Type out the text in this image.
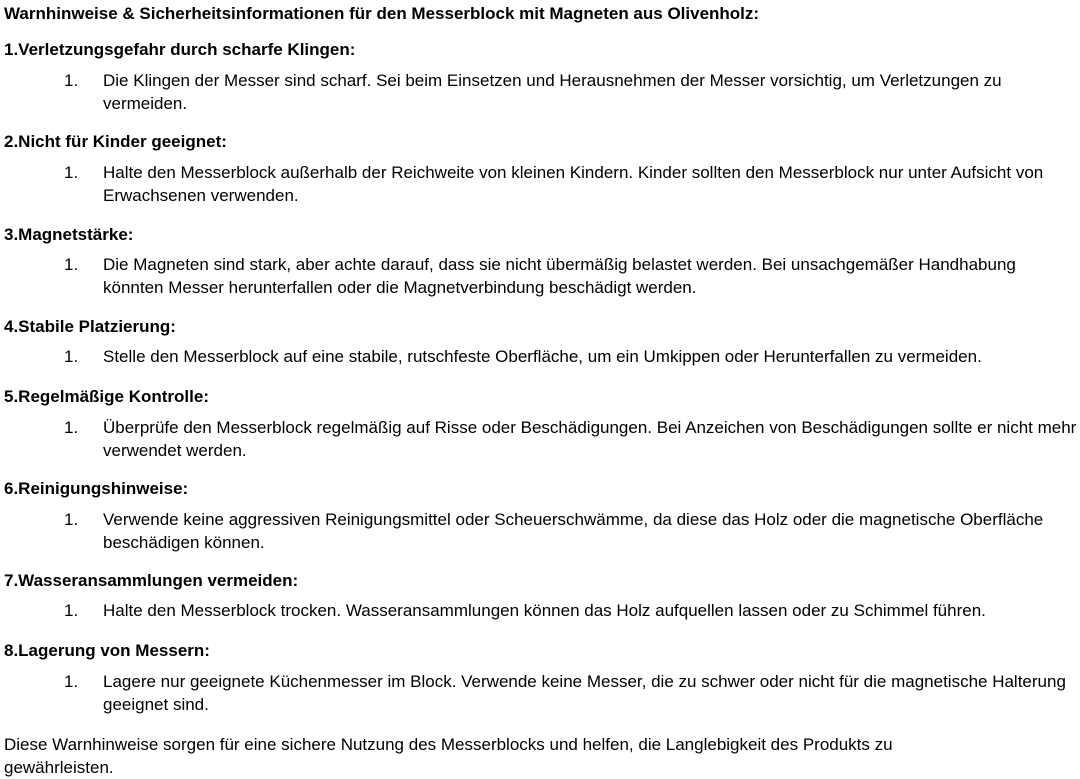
Warnhinweise & Sicherheitsinformationen für den Messerblock mit Magneten aus Olivenholz:
1.Verletzungsgefahr durch scharfe Klingen:
1. Die Klingen der Messer sind scharf. Sei beim Einsetzen und Herausnehmen der Messer vorsichtig, um Verletzungen zu vermeiden.
2.Nicht für Kinder geeignet:
1. Halte den Messerblock außerhalb der Reichweite von kleinen Kindern. Kinder sollten den Messerblock nur unter Aufsicht von Erwachsenen verwenden.
3.Magnetstärke:
1. Die Magneten sind stark, aber achte darauf, dass sie nicht übermäßig belastet werden. Bei unsachgemäßer Handhabung könnten Messer herunterfallen oder die Magnetverbindung beschädigt werden.
4.Stabile Platzierung:
1. Stelle den Messerblock auf eine stabile, rutschfeste Oberfläche, um ein Umkippen oder Herunterfallen zu vermeiden.
5.Regelmäßige Kontrolle:
1. Überprüfe den Messerblock regelmäßig auf Risse oder Beschädigungen. Bei Anzeichen von Beschädigungen sollte er nicht mehr verwendet werden.
6.Reinigungshinweise:
1. Verwende keine aggressiven Reinigungsmittel oder Scheuerschwämme, da diese das Holz oder die magnetische Oberfläche beschädigen können.
7.Wasseransammlungen vermeiden:
1. Halte den Messerblock trocken. Wasseransammlungen können das Holz aufquellen lassen oder zu Schimmel führen.
8.Lagerung von Messern:
1. Lagere nur geeignete Küchenmesser im Block. Verwende keine Messer, die zu schwer oder nicht für die magnetische Halterung geeignet sind.
Diese Warnhinweise sorgen für eine sichere Nutzung des Messerblocks und helfen, die Langlebigkeit des Produkts zu gewährleisten.
